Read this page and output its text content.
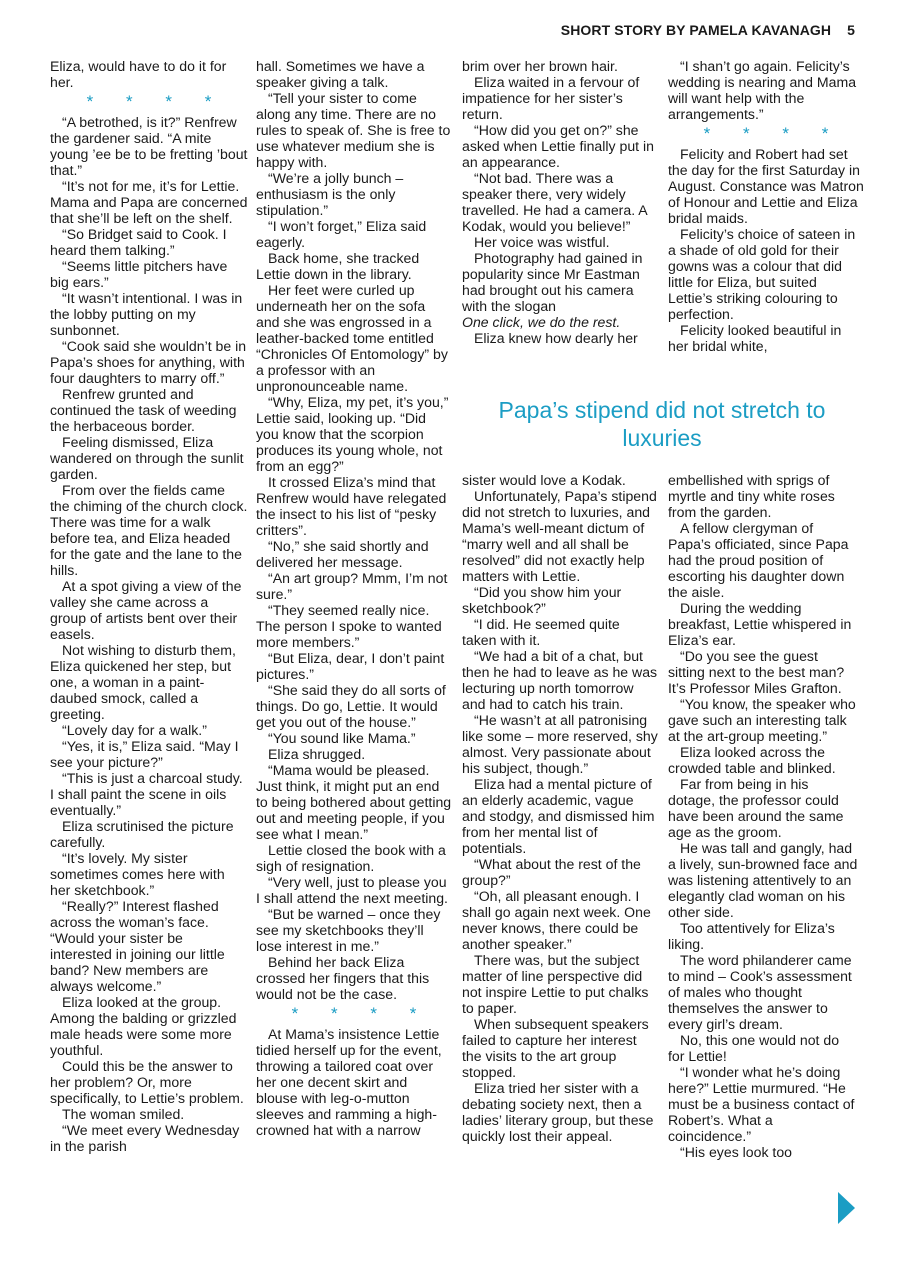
SHORT STORY BY PAMELA KAVANAGH 5

Eliza, would have to do it for her.

* * * *

“A betrothed, is it?” Renfrew the gardener said. “A mite young ’ee be to be fretting ’bout that.”

“It’s not for me, it’s for Lettie. Mama and Papa are concerned that she’ll be left on the shelf.

“So Bridget said to Cook. I heard them talking.”

“Seems little pitchers have big ears.”

“It wasn’t intentional. I was in the lobby putting on my sunbonnet.

“Cook said she wouldn’t be in Papa’s shoes for anything, with four daughters to marry off.”

Renfrew grunted and continued the task of weeding the herbaceous border.

Feeling dismissed, Eliza wandered on through the sunlit garden.

From over the fields came the chiming of the church clock. There was time for a walk before tea, and Eliza headed for the gate and the lane to the hills.

At a spot giving a view of the valley she came across a group of artists bent over their easels.

Not wishing to disturb them, Eliza quickened her step, but one, a woman in a paint-daubed smock, called a greeting.

“Lovely day for a walk.”

“Yes, it is,” Eliza said. “May I see your picture?”

“This is just a charcoal study. I shall paint the scene in oils eventually.”

Eliza scrutinised the picture carefully.

“It’s lovely. My sister sometimes comes here with her sketchbook.”

“Really?” Interest flashed across the woman’s face. “Would your sister be interested in joining our little band? New members are always welcome.”

Eliza looked at the group. Among the balding or grizzled male heads were some more youthful.

Could this be the answer to her problem? Or, more specifically, to Lettie’s problem.

The woman smiled.

“We meet every Wednesday in the parish

hall. Sometimes we have a speaker giving a talk.

“Tell your sister to come along any time. There are no rules to speak of. She is free to use whatever medium she is happy with.

“We’re a jolly bunch – enthusiasm is the only stipulation.”

“I won’t forget,” Eliza said eagerly.

Back home, she tracked Lettie down in the library.

Her feet were curled up underneath her on the sofa and she was engrossed in a leather-backed tome entitled “Chronicles Of Entomology” by a professor with an unpronounceable name.

“Why, Eliza, my pet, it’s you,” Lettie said, looking up. “Did you know that the scorpion produces its young whole, not from an egg?”

It crossed Eliza’s mind that Renfrew would have relegated the insect to his list of “pesky critters”.

“No,” she said shortly and delivered her message.

“An art group? Mmm, I’m not sure.”

“They seemed really nice. The person I spoke to wanted more members.”

“But Eliza, dear, I don’t paint pictures.”

“She said they do all sorts of things. Do go, Lettie. It would get you out of the house.”

“You sound like Mama.”

Eliza shrugged.

“Mama would be pleased. Just think, it might put an end to being bothered about getting out and meeting people, if you see what I mean.”

Lettie closed the book with a sigh of resignation.

“Very well, just to please you I shall attend the next meeting.

“But be warned – once they see my sketchbooks they’ll lose interest in me.”

Behind her back Eliza crossed her fingers that this would not be the case.

* * * *

At Mama’s insistence Lettie tidied herself up for the event, throwing a tailored coat over her one decent skirt and blouse with leg-o-mutton sleeves and ramming a high-crowned hat with a narrow

brim over her brown hair.

Eliza waited in a fervour of impatience for her sister’s return.

“How did you get on?” she asked when Lettie finally put in an appearance.

“Not bad. There was a speaker there, very widely travelled. He had a camera. A Kodak, would you believe!”

Her voice was wistful.

Photography had gained in popularity since Mr Eastman had brought out his camera with the slogan

One click, we do the rest.

Eliza knew how dearly her

“I shan’t go again. Felicity’s wedding is nearing and Mama will want help with the arrangements.”

* * * *

Felicity and Robert had set the day for the first Saturday in August. Constance was Matron of Honour and Lettie and Eliza bridal maids.

Felicity’s choice of sateen in a shade of old gold for their gowns was a colour that did little for Eliza, but suited Lettie’s striking colouring to perfection.

Felicity looked beautiful in her bridal white,

Papa’s stipend did not stretch to luxuries

sister would love a Kodak.

Unfortunately, Papa’s stipend did not stretch to luxuries, and Mama’s well-meant dictum of “marry well and all shall be resolved” did not exactly help matters with Lettie.

“Did you show him your sketchbook?”

“I did. He seemed quite taken with it.

“We had a bit of a chat, but then he had to leave as he was lecturing up north tomorrow and had to catch his train.

“He wasn’t at all patronising like some – more reserved, shy almost. Very passionate about his subject, though.”

Eliza had a mental picture of an elderly academic, vague and stodgy, and dismissed him from her mental list of potentials.

“What about the rest of the group?”

“Oh, all pleasant enough. I shall go again next week. One never knows, there could be another speaker.”

There was, but the subject matter of line perspective did not inspire Lettie to put chalks to paper.

When subsequent speakers failed to capture her interest the visits to the art group stopped.

Eliza tried her sister with a debating society next, then a ladies’ literary group, but these quickly lost their appeal.

embellished with sprigs of myrtle and tiny white roses from the garden.

A fellow clergyman of Papa’s officiated, since Papa had the proud position of escorting his daughter down the aisle.

During the wedding breakfast, Lettie whispered in Eliza’s ear.

“Do you see the guest sitting next to the best man? It’s Professor Miles Grafton.

“You know, the speaker who gave such an interesting talk at the art-group meeting.”

Eliza looked across the crowded table and blinked.

Far from being in his dotage, the professor could have been around the same age as the groom.

He was tall and gangly, had a lively, sun-browned face and was listening attentively to an elegantly clad woman on his other side.

Too attentively for Eliza’s liking.

The word philanderer came to mind – Cook’s assessment of males who thought themselves the answer to every girl’s dream.

No, this one would not do for Lettie!

“I wonder what he’s doing here?” Lettie murmured. “He must be a business contact of Robert’s. What a coincidence.”

“His eyes look too
